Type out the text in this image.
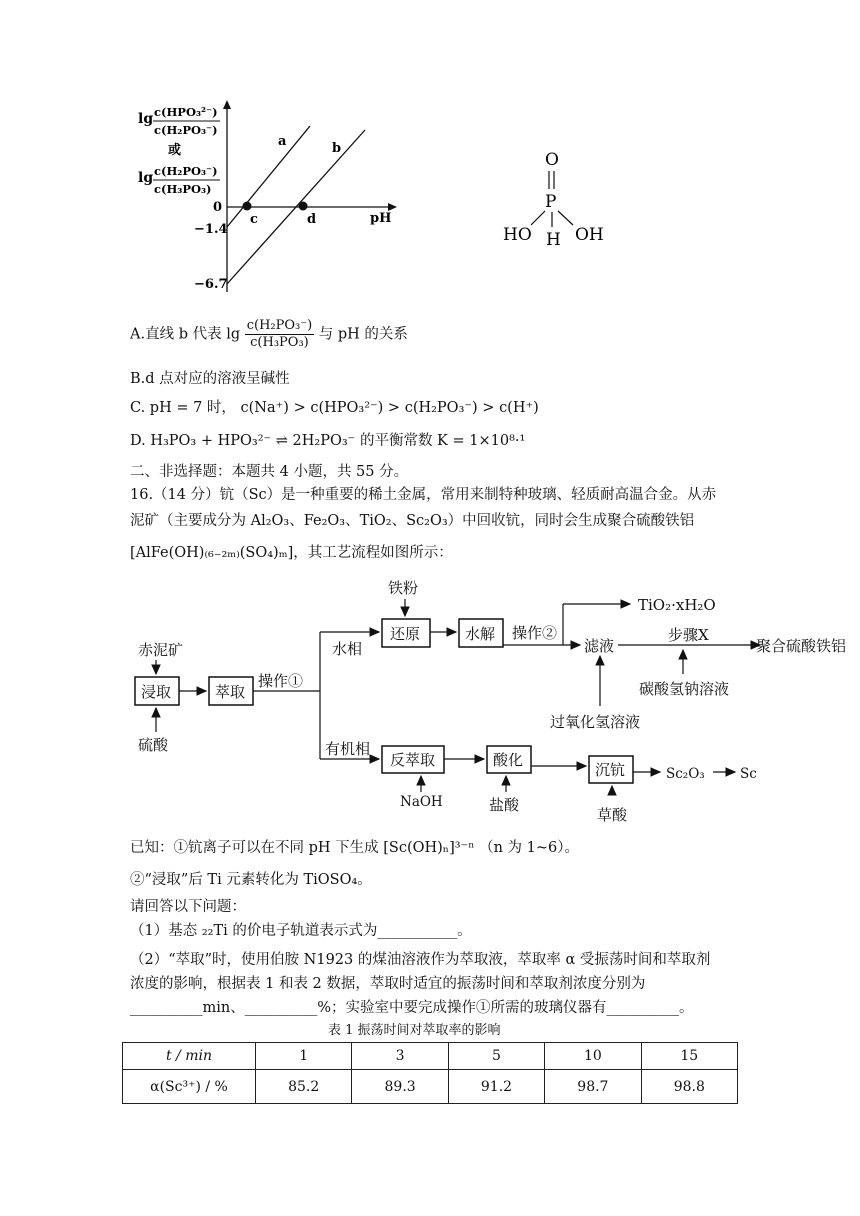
lg c(HPO₃²⁻)
c(H₂PO₃⁻)
或
lg c(H₂PO₃⁻)
c(H₃PO₃)
0
−1.4
−6.7
pH
a	b
c	d
O
P
HO H OH
A.直线 b 代表 $\lg \frac{\text{c(H₂PO₃⁻)}}{\text{c(H₃PO₃)}}$ 与 pH 的关系
B.d 点对应的溶液呈碱性
C. pH = 7 时， c(Na⁺) > c(HPO₃²⁻) > c(H₂PO₃⁻) > c(H⁺)
D. H₃PO₃ + HPO₃²⁻ ⇌ 2H₂PO₃⁻ 的平衡常数 K = 1×10⁸·¹
二、非选择题：本题共 4 小题，共 55 分。
16.（14 分）钪（Sc）是一种重要的稀土金属，常用来制特种玻璃、轻质耐高温合金。从赤
泥矿（主要成分为 Al₂O₃、Fe₂O₃、TiO₂、Sc₂O₃）中回收钪，同时会生成聚合硫酸铁铝
[AlFe(OH)₍₆₋₂ₘ₎(SO₄)ₘ]，其工艺流程如图所示：
赤泥矿
浸取
硫酸
萃取
操作①
水相
有机相
铁粉
还原	水解 操作②
TiO₂·xH₂O
滤液
步骤X
聚合硫酸铁铝
碳酸氢钠溶液
过氧化氢溶液
反萃取
NaOH
酸化
盐酸
沉钪
草酸
Sc₂O₃	Sc
已知：①钪离子可以在不同 pH 下生成 [Sc(OH)ₙ]³⁻ⁿ （n 为 1~6）。
②“浸取”后 Ti 元素转化为 TiOSO₄。
请回答以下问题：
（1）基态 ₂₂Ti 的价电子轨道表示式为___________。
（2）“萃取”时，使用伯胺 N1923 的煤油溶液作为萃取液，萃取率 α 受振荡时间和萃取剂
浓度的影响，根据表 1 和表 2 数据，萃取时适宜的振荡时间和萃取剂浓度分别为
__________min、__________%；实验室中要完成操作①所需的玻璃仪器有__________。
表 1 振荡时间对萃取率的影响
t / min	1	3	5	10	15
α(Sc³⁺) / %	85.2	89.3	91.2	98.7	98.8
